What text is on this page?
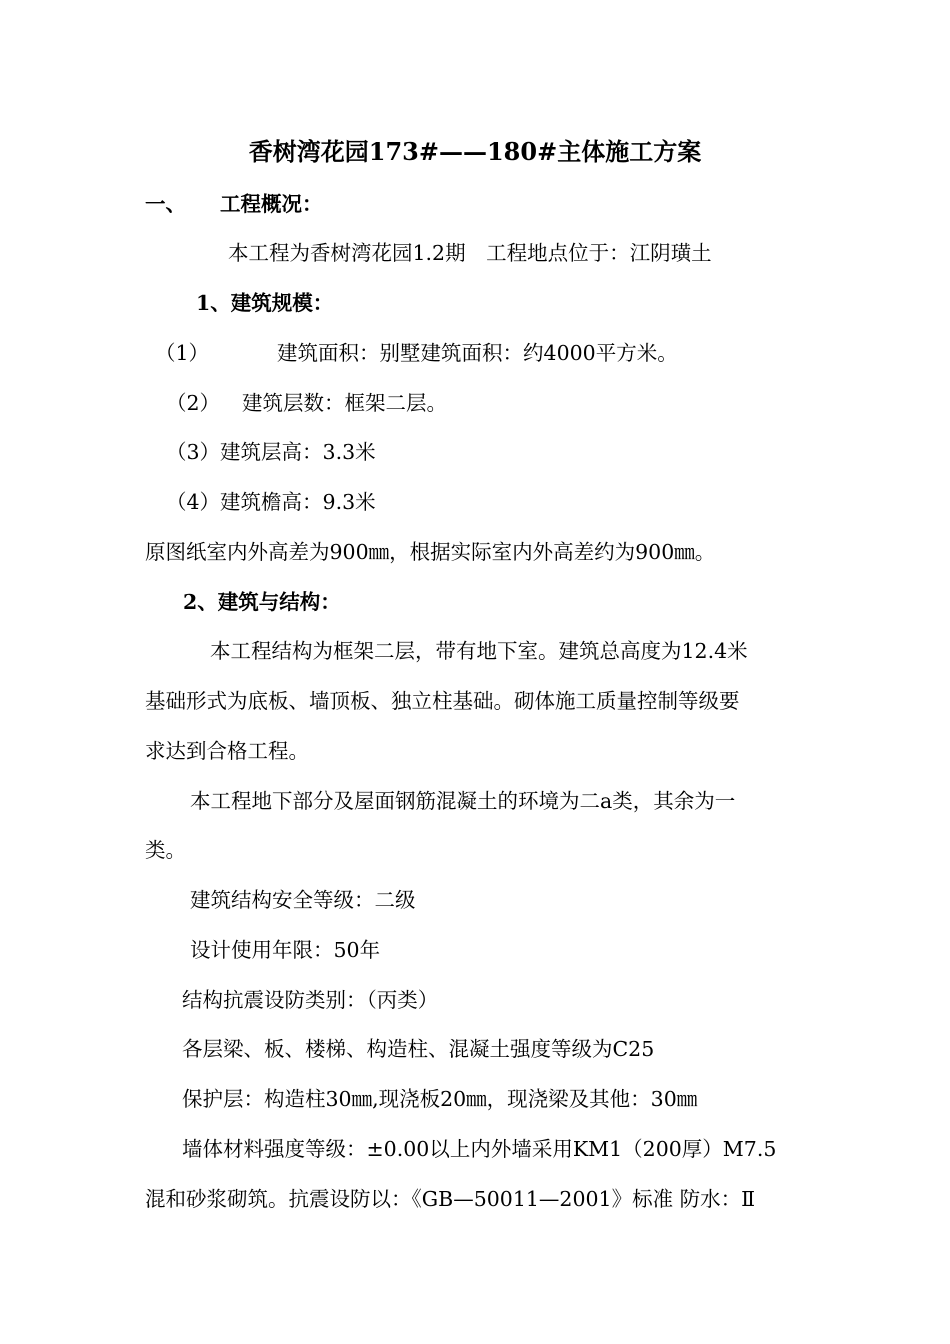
香树湾花园173#——180#主体施工方案
一、 工程概况：
本工程为香树湾花园1.2期　工程地点位于：江阴璜土
1、建筑规模：
（1）	建筑面积：别墅建筑面积：约4000平方米。
（2） 建筑层数：框架二层。
（3）建筑层高：3.3米
（4）建筑檐高：9.3米
原图纸室内外高差为900㎜，根据实际室内外高差约为900㎜。
2、建筑与结构：
本工程结构为框架二层，带有地下室。建筑总高度为12.4米
基础形式为底板、墙顶板、独立柱基础。砌体施工质量控制等级要
求达到合格工程。
本工程地下部分及屋面钢筋混凝土的环境为二a类，其余为一
类。
建筑结构安全等级：二级
设计使用年限：50年
结构抗震设防类别：（丙类）
各层梁、板、楼梯、构造柱、混凝土强度等级为C25
保护层：构造柱30㎜,现浇板20㎜，现浇梁及其他：30㎜
墙体材料强度等级：±0.00以上内外墙采用KM1（200厚）M7.5
混和砂浆砌筑。抗震设防以：《GB—50011—2001》标准 防水：Ⅱ
